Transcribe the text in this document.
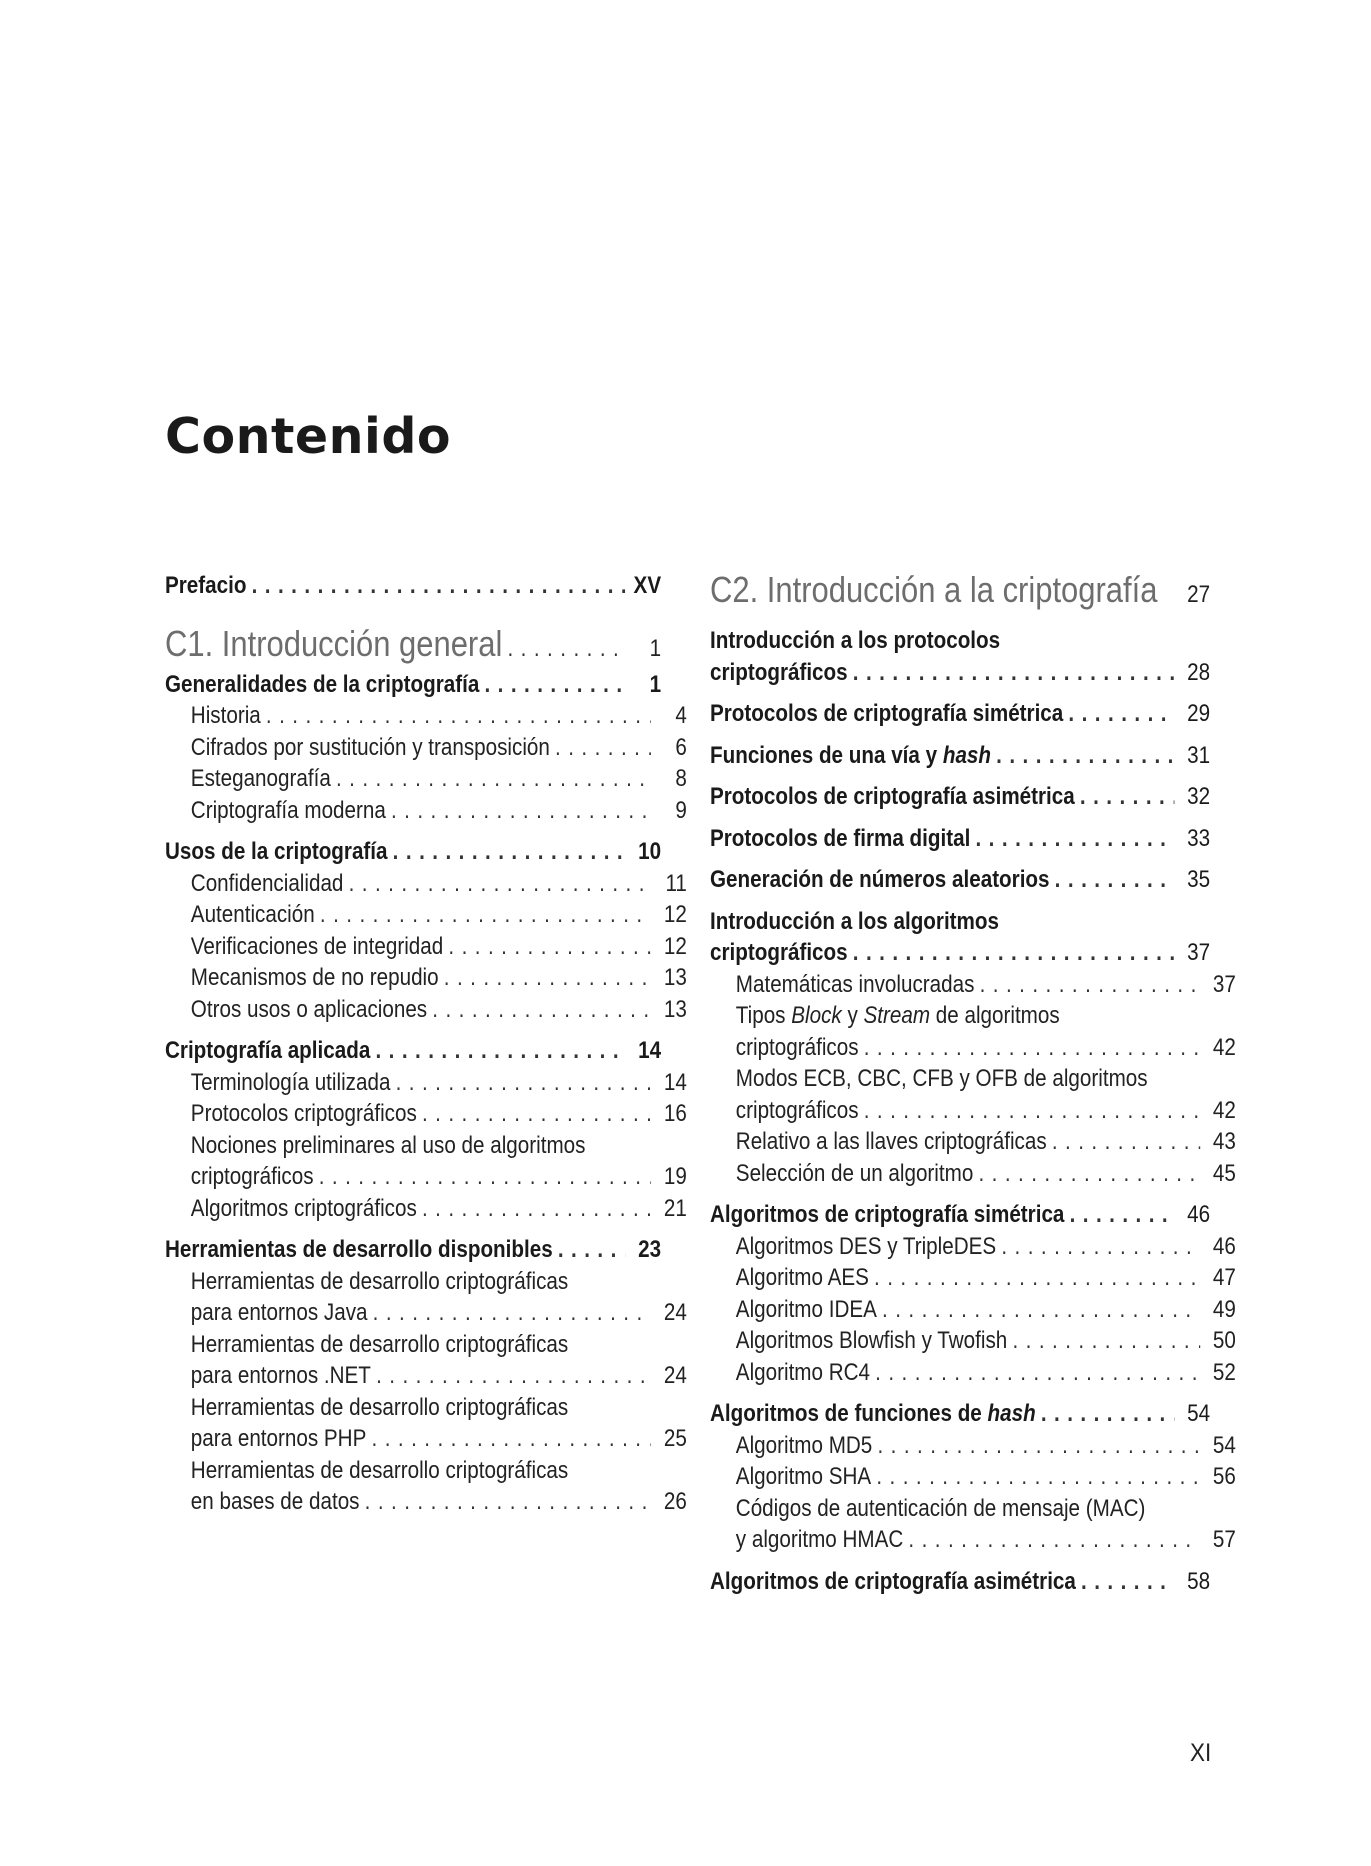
Contenido
Prefacio . . .	XV
C1. Introducción general . . .	1
Generalidades de la criptografía . . .	1
Historia . . .	4
Cifrados por sustitución y transposición . . .	6
Esteganografía . . .	8
Criptografía moderna . . .	9
Usos de la criptografía . . .	10
Confidencialidad . . .	11
Autenticación . . .	12
Verificaciones de integridad . . .	12
Mecanismos de no repudio . . .	13
Otros usos o aplicaciones . . .	13
Criptografía aplicada . . .	14
Terminología utilizada . . .	14
Protocolos criptográficos . . .	16
Nociones preliminares al uso de algoritmos
criptográficos . . .	19
Algoritmos criptográficos . . .	21
Herramientas de desarrollo disponibles . . .	23
Herramientas de desarrollo criptográficas
para entornos Java . . .	24
Herramientas de desarrollo criptográficas
para entornos .NET . . .	24
Herramientas de desarrollo criptográficas
para entornos PHP . . .	25
Herramientas de desarrollo criptográficas
en bases de datos . . .	26
C2. Introducción a la criptografía	27
Introducción a los protocolos
criptográficos . . .	28
Protocolos de criptografía simétrica . . .	29
Funciones de una vía y hash . . .	31
Protocolos de criptografía asimétrica . . .	32
Protocolos de firma digital . . .	33
Generación de números aleatorios . . .	35
Introducción a los algoritmos
criptográficos . . .	37
Matemáticas involucradas . . .	37
Tipos Block y Stream de algoritmos
criptográficos . . .	42
Modos ECB, CBC, CFB y OFB de algoritmos
criptográficos . . .	42
Relativo a las llaves criptográficas . . .	43
Selección de un algoritmo . . .	45
Algoritmos de criptografía simétrica . . .	46
Algoritmos DES y TripleDES . . .	46
Algoritmo AES . . .	47
Algoritmo IDEA . . .	49
Algoritmos Blowfish y Twofish . . .	50
Algoritmo RC4 . . .	52
Algoritmos de funciones de hash . . .	54
Algoritmo MD5 . . .	54
Algoritmo SHA . . .	56
Códigos de autenticación de mensaje (MAC)
y algoritmo HMAC . . .	57
Algoritmos de criptografía asimétrica . . .	58
XI
